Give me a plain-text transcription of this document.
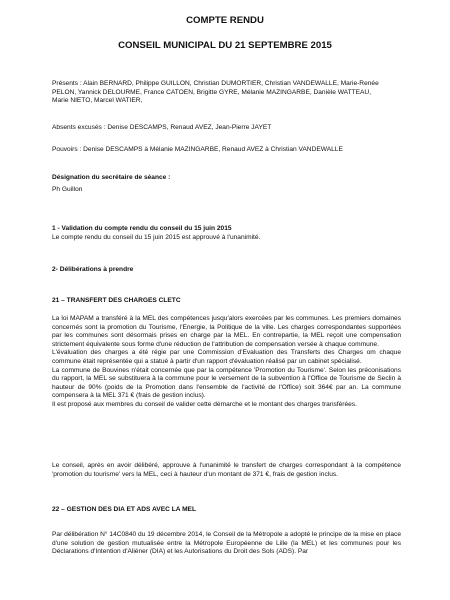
COMPTE RENDU
CONSEIL MUNICIPAL DU 21 SEPTEMBRE 2015
Présents : Alain BERNARD, Philippe GUILLON, Christian DUMORTIER, Christian VANDEWALLE, Marie-Renée
PELON, Yannick DELOURME, France CATOEN, Brigitte GYRE, Mélanie MAZINGARBE, Danièle WATTEAU,
Marie NIETO, Marcel WATIER,
Absents excusés : Denise DESCAMPS, Renaud AVEZ, Jean-Pierre JAYET
Pouvoirs : Denise DESCAMPS à Mélanie MAZINGARBE, Renaud AVEZ à Christian VANDEWALLE
Désignation du secrétaire de séance :
Ph Guillon
1 - Validation du compte rendu du conseil du 15 juin 2015
Le compte rendu du conseil du 15 juin 2015 est approuvé à l'unanimité.
2- Délibérations à prendre
21 – TRANSFERT DES CHARGES CLETC

La loi MAPAM a transféré à la MEL des compétences jusqu'alors exercées par les communes. Les premiers domaines concernés sont la promotion du Tourisme, l'Energie, la Politique de la ville. Les charges correspondantes supportées par les communes sont désormais prises en charge par la MEL. En contrepartie, la MEL reçoit une compensation strictement équivalente sous forme d'une réduction de l'attribution de compensation versée à chaque commune.

L'évaluation des charges a été régie par une Commission d'Evaluation des Transferts des Charges om chaque commune était représentée qui a statué à partir d'un rapport d'évaluation réalisé par un cabinet spécialisé.

La commune de Bouvines n'était concernée que par la compétence 'Promotion du Tourisme'. Selon les préconisations du rapport, la MEL se substituera à la commune pour le versement de la subvention à l'Office de Tourisme de Seclin à hauteur de 90% (poids de la Promotion dans l'ensemble de l'activité de l'Office) soit 364€ par an. La commune compensera à la MEL 371 € (frais de gestion inclus).

Il est proposé aux membres du conseil de valider cette démarche et le montant des charges transférées.

Le conseil, après en avoir délibéré, approuve à l'unanimité le transfert de charges correspondant à la compétence 'promotion du tourisme' vers la MEL, ceci à hauteur d'un montant de 371 €, frais de gestion inclus.
22 – GESTION DES DIA ET ADS AVEC LA MEL
Par délibération N° 14C0840 du 19 décembre 2014, le Conseil de la Métropole a adopté le principe de la mise en place d'une solution de gestion mutualisée entre la Métropole Européenne de Lille (la MEL) et les communes pour les Déclarations d'Intention d'Aliéner (DIA) et les Autorisations du Droit des Sols (ADS). Par
